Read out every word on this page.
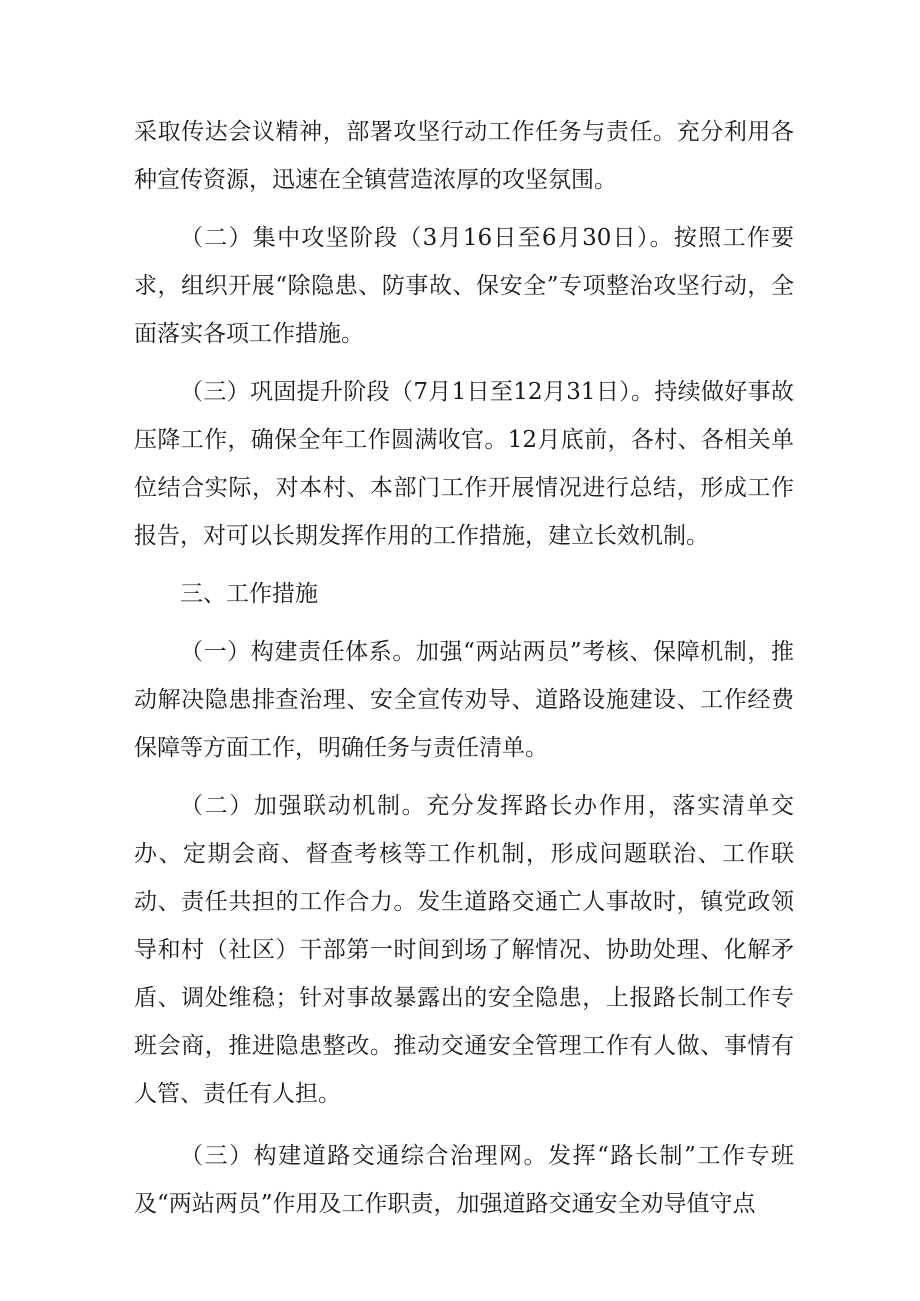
采取传达会议精神，部署攻坚行动工作任务与责任。充分利用各种宣传资源，迅速在全镇营造浓厚的攻坚氛围。

（二）集中攻坚阶段（3月16日至6月30日）。按照工作要求，组织开展“除隐患、防事故、保安全”专项整治攻坚行动，全面落实各项工作措施。

（三）巩固提升阶段（7月1日至12月31日）。持续做好事故压降工作，确保全年工作圆满收官。12月底前，各村、各相关单位结合实际，对本村、本部门工作开展情况进行总结，形成工作报告，对可以长期发挥作用的工作措施，建立长效机制。

三、工作措施

（一）构建责任体系。加强“两站两员”考核、保障机制，推动解决隐患排查治理、安全宣传劝导、道路设施建设、工作经费保障等方面工作，明确任务与责任清单。

（二）加强联动机制。充分发挥路长办作用，落实清单交办、定期会商、督查考核等工作机制，形成问题联治、工作联动、责任共担的工作合力。发生道路交通亡人事故时，镇党政领导和村（社区）干部第一时间到场了解情况、协助处理、化解矛盾、调处维稳；针对事故暴露出的安全隐患，上报路长制工作专班会商，推进隐患整改。推动交通安全管理工作有人做、事情有人管、责任有人担。

（三）构建道路交通综合治理网。发挥“路长制”工作专班及“两站两员”作用及工作职责，加强道路交通安全劝导值守点
